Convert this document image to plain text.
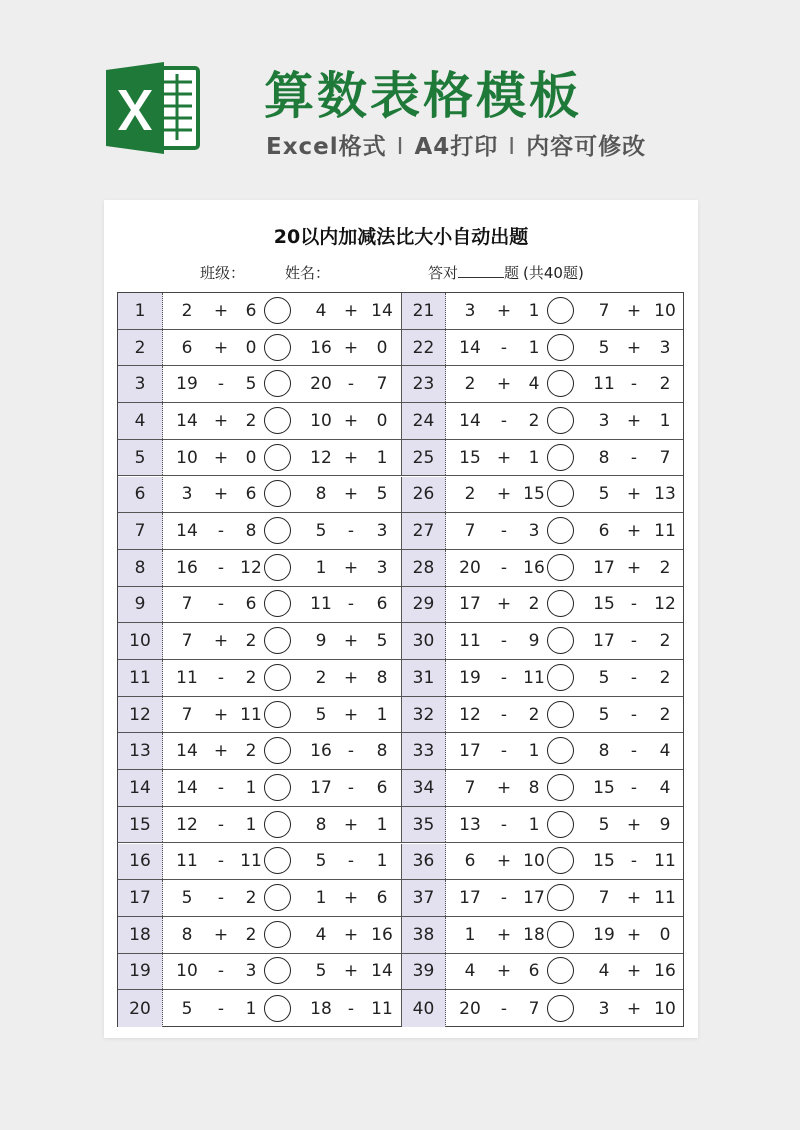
算数表格模板
Excel格式 I A4打印 I 内容可修改
20以内加减法比大小自动出题
班级：	姓名：	答对	题 (共40题)
1	2	+	6	4	+ 14	21	3	+	1	7	+ 10
2	6	+	0	16 +	0	22	14	-	1	5	+	3
3	19	-	5	20 -	7	23	2	+	4	11 -	2
4	14 +	2	10 +	0	24	14	-	2	3	+	1
5	10 +	0	12 +	1	25	15 +	1	8	-	7
6	3	+	6	8	+	5	26	2	+ 15	5	+ 13
7	14	-	8	5	-	3	27	7	-	3	6	+ 11
8	16	- 12	1	+	3	28	20	- 16	17 +	2
9	7	-	6	11 -	6	29	17 +	2	15 -	12
10	7	+	2	9	+	5	30	11	-	9	17 -	2
11	11	-	2	2	+	8	31	19	- 11	5	-	2
12	7	+ 11	5	+	1	32	12	-	2	5	-	2
13	14 +	2	16 -	8	33	17	-	1	8	-	4
14	14	-	1	17 -	6	34	7	+	8	15 -	4
15	12	-	1	8	+	1	35	13	-	1	5	+	9
16	11	- 11	5	-	1	36	6	+ 10	15 -	11
17	5	-	2	1	+	6	37	17	- 17	7	+ 11
18	8	+	2	4	+ 16	38	1	+ 18	19 +	0
19	10	-	3	5	+ 14	39	4	+	6	4	+ 16
20	5	-	1	18 -	11	40	20	-	7	3	+ 10
